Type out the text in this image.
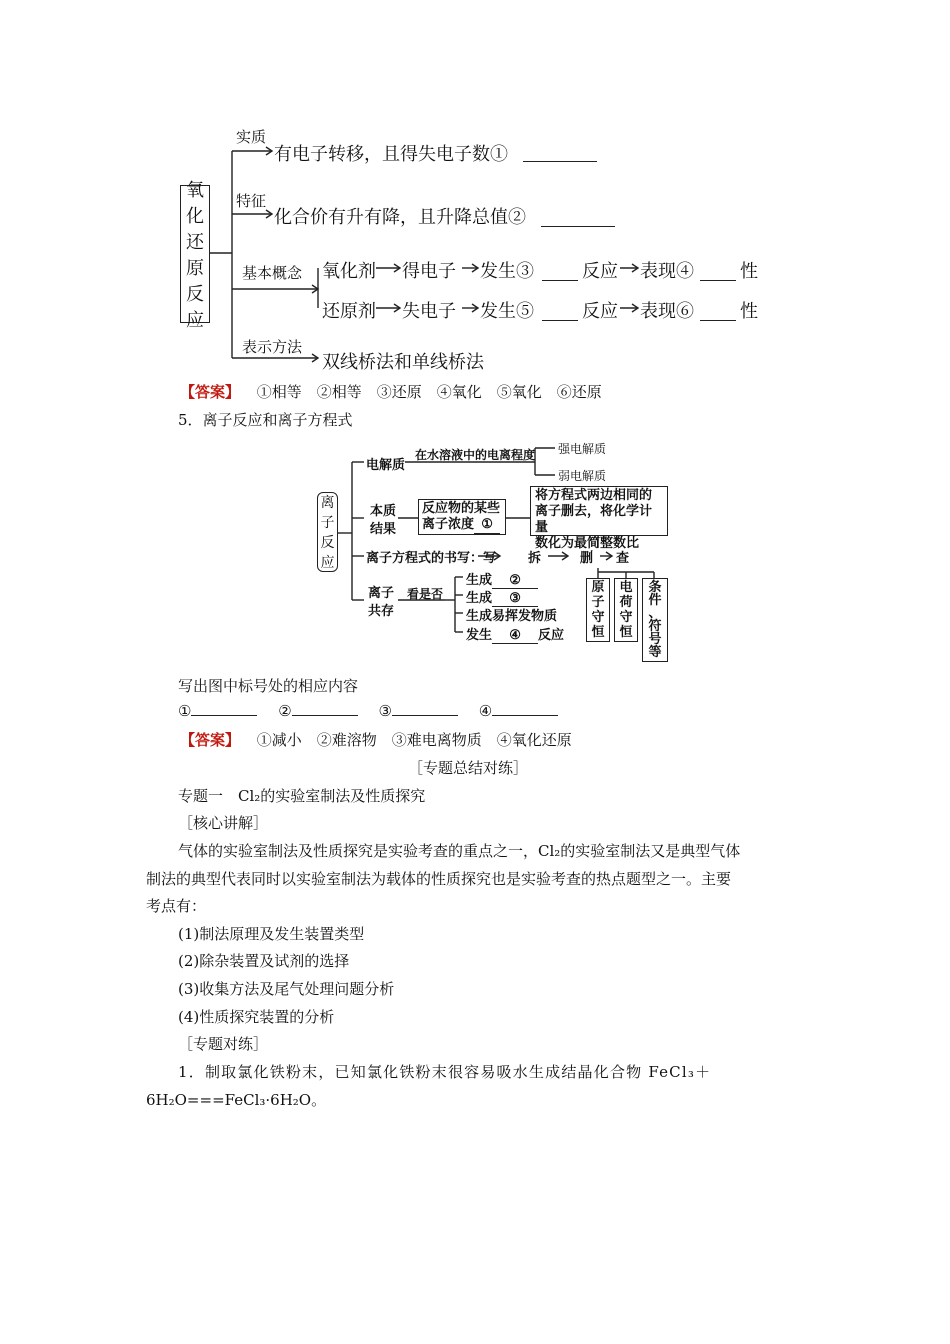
氧
化
还
原
反
应
实质
有电子转移，且得失电子数①
特征
化合价有升有降，且升降总值②
基本概念 氧化剂 得电子 发生③	反应 表现④	性
还原剂 失电子 发生⑤	反应 表现⑥	性
表示方法
双线桥法和单线桥法
【答案】 ①相等　②相等　③还原　④氧化　⑤氧化　⑥还原
5．离子反应和离子方程式
离
子
反
应
电解质
在水溶液中的电离程度 强电解质
弱电解质
本质
结果
反应物的某些
离子浓度 ①
将方程式两边相同的
离子删去，将化学计量
数化为最简整数比
离子方程式的书写：写 拆	删 查
离子
共存
看是否
生成 ②
生成 ③
生成易挥发物质
发生 ④ 反应
原
子
守
恒
电
荷
守
恒
条
件
、
符
号
等
写出图中标号处的相应内容
①	②	③	④
【答案】 ①减小　②难溶物　③难电离物质　④氧化还原
［专题总结对练］
专题一　Cl₂的实验室制法及性质探究
［核心讲解］
气体的实验室制法及性质探究是实验考查的重点之一，Cl₂的实验室制法又是典型气体
制法的典型代表同时以实验室制法为载体的性质探究也是实验考查的热点题型之一。主要
考点有：
(1)制法原理及发生装置类型
(2)除杂装置及试剂的选择
(3)收集方法及尾气处理问题分析
(4)性质探究装置的分析
［专题对练］
1．制取氯化铁粉末，已知氯化铁粉末很容易吸水生成结晶化合物 FeCl₃＋
6H₂O===FeCl₃·6H₂O。
